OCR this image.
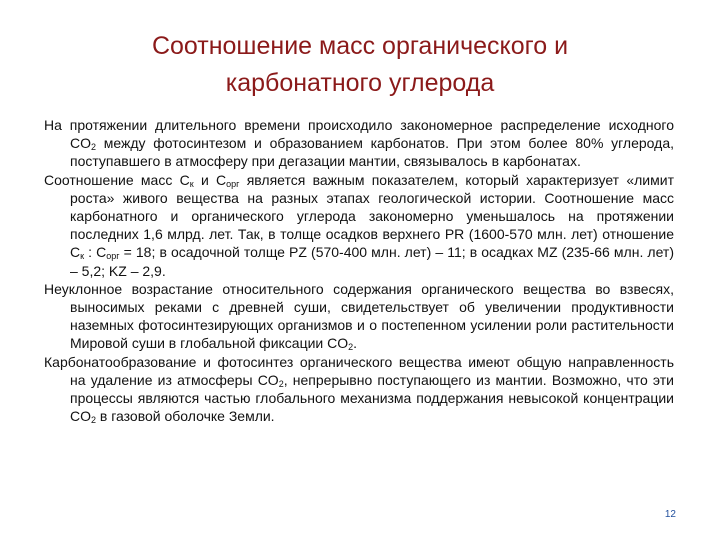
Соотношение масс органического и
карбонатного углерода

На протяжении длительного времени происходило закономерное распределение исходного $CO_2$ между фотосинтезом и образованием карбонатов. При этом более 80% углерода, поступавшего в атмосферу при дегазации мантии, связывалось в карбонатах.

Соотношение масс $C_к$ и $C_{орг}$ является важным показателем, который характеризует «лимит роста» живого вещества на разных этапах геологической истории. Соотношение масс карбонатного и органического углерода закономерно уменьшалось на протяжении последних 1,6 млрд. лет. Так, в толще осадков верхнего PR (1600-570 млн. лет) отношение $C_к$ : $C_{орг} = 18$; в осадочной толще PZ (570-400 млн. лет) – 11; в осадках MZ (235-66 млн. лет) – 5,2; KZ – 2,9.

Неуклонное возрастание относительного содержания органического вещества во взвесях, выносимых реками с древней суши, свидетельствует об увеличении продуктивности наземных фотосинтезирующих организмов и о постепенном усилении роли растительности Мировой суши в глобальной фиксации $CO_2$.

Карбонатообразование и фотосинтез органического вещества имеют общую направленность на удаление из атмосферы $CO_2$, непрерывно поступающего из мантии. Возможно, что эти процессы являются частью глобального механизма поддержания невысокой концентрации $CO_2$ в газовой оболочке Земли.

12
